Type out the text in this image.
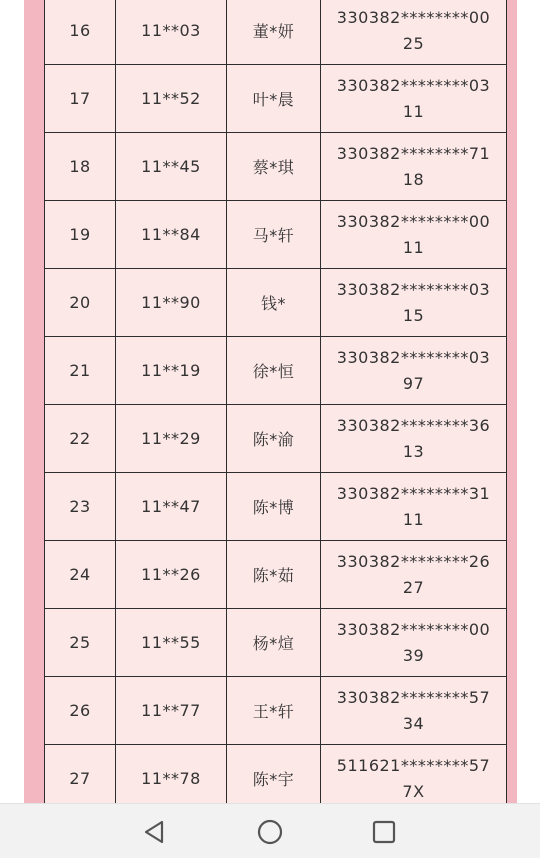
16	11**03	董*妍	330382********00
25

17	11**52	叶*晨	330382********03
11

18	11**45	蔡*琪	330382********71
18

19	11**84	马*轩	330382********00
11

20	11**90	钱*	330382********03
15

21	11**19	徐*恒	330382********03
97

22	11**29	陈*渝	330382********36
13

23	11**47	陈*博	330382********31
11

24	11**26	陈*茹	330382********26
27

25	11**55	杨*煊	330382********00
39

26	11**77	王*轩	330382********57
34

27	11**78	陈*宇	511621********57
7X
